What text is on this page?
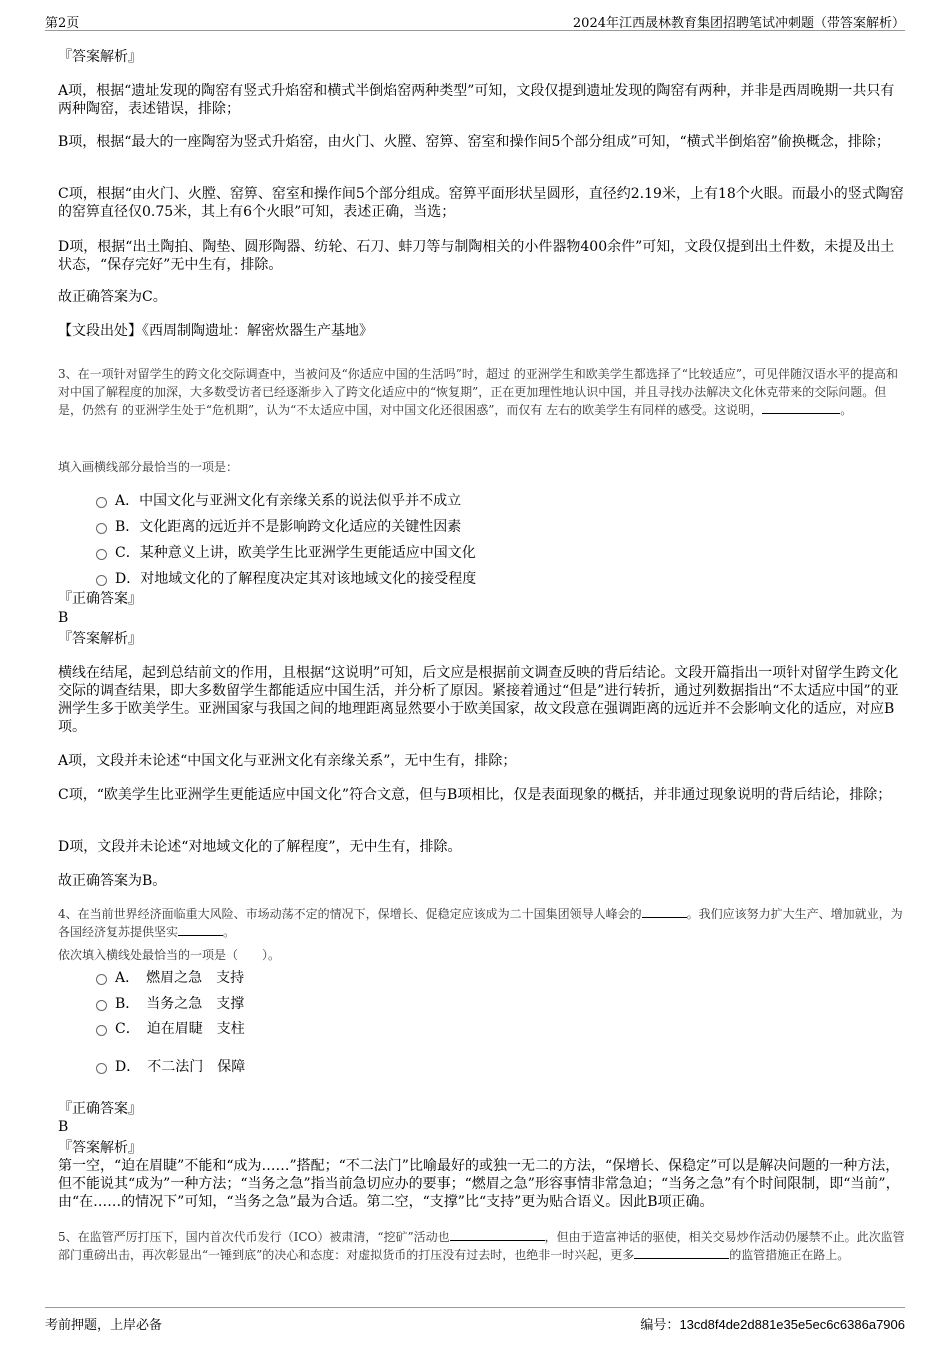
第2页	2024年江西晟林教育集团招聘笔试冲刺题（带答案解析）
『答案解析』
A项，根据“遗址发现的陶窑有竖式升焰窑和横式半倒焰窑两种类型”可知，文段仅提到遗址发现的陶窑有两种，并非是西周晚期一共只有两种陶窑，表述错误，排除；
B项，根据“最大的一座陶窑为竖式升焰窑，由火门、火膛、窑箅、窑室和操作间5个部分组成”可知，“横式半倒焰窑”偷换概念，排除；
C项，根据“由火门、火膛、窑箅、窑室和操作间5个部分组成。窑箅平面形状呈圆形，直径约2.19米，上有18个火眼。而最小的竖式陶窑的窑箅直径仅0.75米，其上有6个火眼”可知，表述正确，当选；
D项，根据“出土陶拍、陶垫、圆形陶器、纺轮、石刀、蚌刀等与制陶相关的小件器物400余件”可知，文段仅提到出土件数，未提及出土状态，“保存完好”无中生有，排除。
故正确答案为C。
【文段出处】《西周制陶遗址：解密炊器生产基地》
3、在一项针对留学生的跨文化交际调查中，当被问及“你适应中国的生活吗”时，超过 的亚洲学生和欧美学生都选择了“比较适应”，可见伴随汉语水平的提高和对中国了解程度的加深，大多数受访者已经逐渐步入了跨文化适应中的“恢复期”，正在更加理性地认识中国，并且寻找办法解决文化休克带来的交际问题。但是，仍然有 的亚洲学生处于“危机期”，认为“不太适应中国，对中国文化还很困惑”，而仅有 左右的欧美学生有同样的感受。这说明，	。
填入画横线部分最恰当的一项是：
A．中国文化与亚洲文化有亲缘关系的说法似乎并不成立
B．文化距离的远近并不是影响跨文化适应的关键性因素
C．某种意义上讲，欧美学生比亚洲学生更能适应中国文化
D．对地域文化的了解程度决定其对该地域文化的接受程度
『正确答案』
B
『答案解析』
横线在结尾，起到总结前文的作用，且根据“这说明”可知，后文应是根据前文调查反映的背后结论。文段开篇指出一项针对留学生跨文化交际的调查结果，即大多数留学生都能适应中国生活，并分析了原因。紧接着通过“但是”进行转折，通过列数据指出“不太适应中国”的亚洲学生多于欧美学生。亚洲国家与我国之间的地理距离显然要小于欧美国家，故文段意在强调距离的远近并不会影响文化的适应，对应B项。
A项，文段并未论述“中国文化与亚洲文化有亲缘关系”，无中生有，排除；
C项，“欧美学生比亚洲学生更能适应中国文化”符合文意，但与B项相比，仅是表面现象的概括，并非通过现象说明的背后结论，排除；
D项，文段并未论述“对地域文化的了解程度”，无中生有，排除。
故正确答案为B。
4、在当前世界经济面临重大风险、市场动荡不定的情况下，保增长、促稳定应该成为二十国集团领导人峰会的	。我们应该努力扩大生产、增加就业，为各国经济复苏提供坚实	。
依次填入横线处最恰当的一项是（　　）。
A．　燃眉之急　支持
B．　当务之急　支撑
C．　迫在眉睫　支柱
D．　不二法门　保障
『正确答案』
B
『答案解析』
第一空，“迫在眉睫”不能和“成为……”搭配；“不二法门”比喻最好的或独一无二的方法，“保增长、保稳定”可以是解决问题的一种方法，但不能说其“成为”一种方法；“当务之急”指当前急切应办的要事；“燃眉之急”形容事情非常急迫；“当务之急”有个时间限制，即“当前”，由“在……的情况下”可知，“当务之急”最为合适。第二空，“支撑”比“支持”更为贴合语义。因此B项正确。
5、在监管严厉打压下，国内首次代币发行（ICO）被肃清，“挖矿”活动也	，但由于造富神话的驱使，相关交易炒作活动仍屡禁不止。此次监管部门重磅出击，再次彰显出“一锤到底”的决心和态度：对虚拟货币的打压没有过去时，也绝非一时兴起，更多	的监管措施正在路上。
考前押题，上岸必备	编号：13cd8f4de2d881e35e5ec6c6386a7906
